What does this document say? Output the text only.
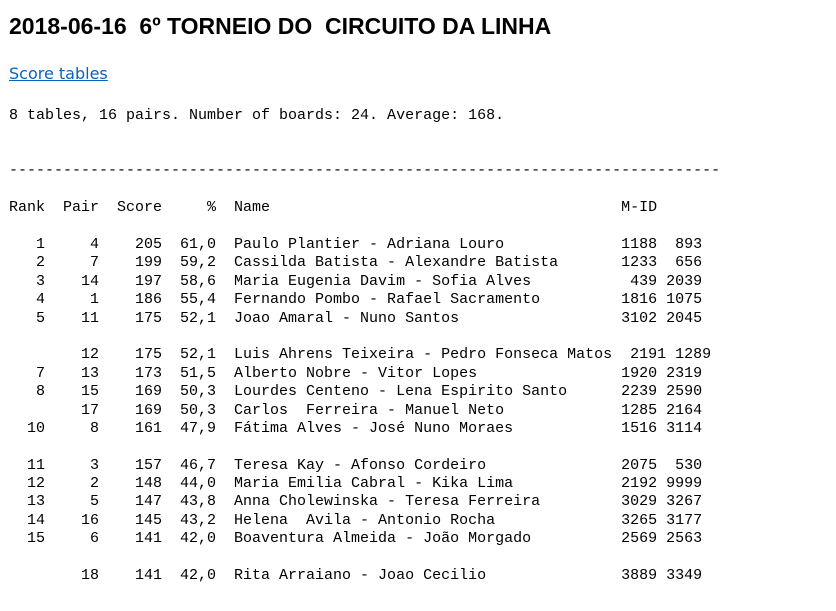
2018-06-16  6º TORNEIO DO  CIRCUITO DA LINHA
Score tables
8 tables, 16 pairs. Number of boards: 24. Average: 168.
-------------------------------------------------------------------------------
Rank  Pair  Score     %  Name                                       M-ID
1     4    205  61,0  Paulo Plantier - Adriana Louro             1188  893
2     7    199  59,2  Cassilda Batista - Alexandre Batista       1233  656
3    14    197  58,6  Maria Eugenia Davim - Sofia Alves           439 2039
4     1    186  55,4  Fernando Pombo - Rafael Sacramento         1816 1075
5    11    175  52,1  Joao Amaral - Nuno Santos                  3102 2045
12    175  52,1  Luis Ahrens Teixeira - Pedro Fonseca Matos  2191 1289
7    13    173  51,5  Alberto Nobre - Vitor Lopes                1920 2319
8    15    169  50,3  Lourdes Centeno - Lena Espirito Santo      2239 2590
17    169  50,3  Carlos  Ferreira - Manuel Neto             1285 2164
10     8    161  47,9  Fátima Alves - José Nuno Moraes            1516 3114
11     3    157  46,7  Teresa Kay - Afonso Cordeiro               2075  530
12     2    148  44,0  Maria Emilia Cabral - Kika Lima            2192 9999
13     5    147  43,8  Anna Cholewinska - Teresa Ferreira         3029 3267
14    16    145  43,2  Helena  Avila - Antonio Rocha              3265 3177
15     6    141  42,0  Boaventura Almeida - João Morgado          2569 2563
18    141  42,0  Rita Arraiano - Joao Cecilio               3889 3349
